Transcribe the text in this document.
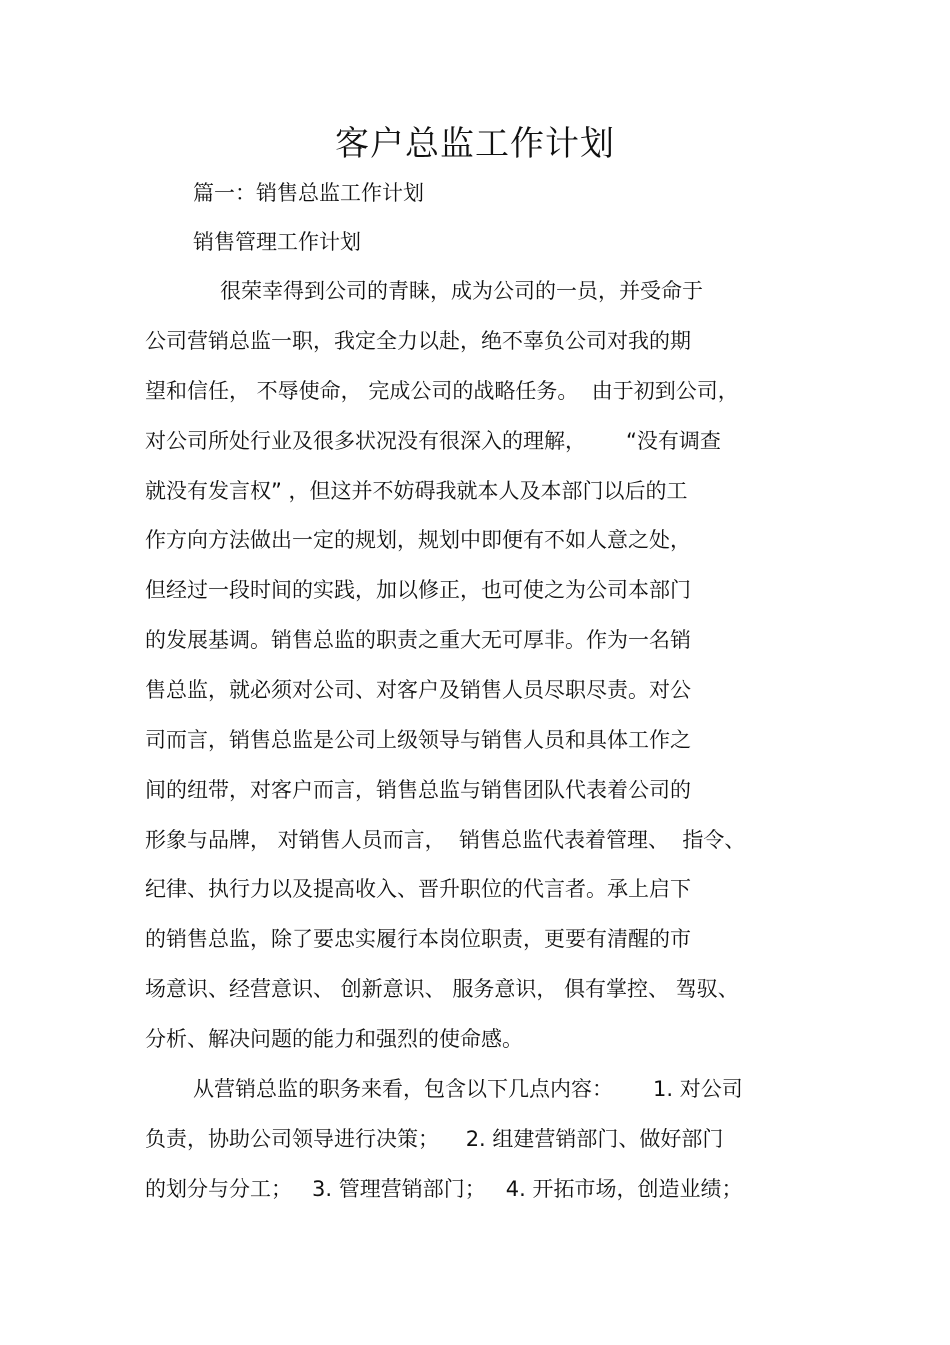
客户总监工作计划
篇一：销售总监工作计划
销售管理工作计划
很荣幸得到公司的青睐，成为公司的一员，并受命于
公司营销总监一职，我定全力以赴，绝不辜负公司对我的期
望和信任， 不辱使命， 完成公司的战略任务。  由于初到公司，
对公司所处行业及很多状况没有很深入的理解，      “没有调查
就没有发言权” ，但这并不妨碍我就本人及本部门以后的工
作方向方法做出一定的规划，规划中即便有不如人意之处，
但经过一段时间的实践，加以修正，也可使之为公司本部门
的发展基调。销售总监的职责之重大无可厚非。作为一名销
售总监，就必须对公司、对客户及销售人员尽职尽责。对公
司而言，销售总监是公司上级领导与销售人员和具体工作之
间的纽带，对客户而言，销售总监与销售团队代表着公司的
形象与品牌， 对销售人员而言，  销售总监代表着管理、  指令、
纪律、执行力以及提高收入、晋升职位的代言者。承上启下
的销售总监，除了要忠实履行本岗位职责，更要有清醒的市
场意识、经营意识、 创新意识、 服务意识， 俱有掌控、 驾驭、
分析、解决问题的能力和强烈的使命感。
从营销总监的职务来看，包含以下几点内容：      1. 对公司
负责，协助公司领导进行决策；    2. 组建营销部门、做好部门
的划分与分工；   3. 管理营销部门；   4. 开拓市场，创造业绩；
